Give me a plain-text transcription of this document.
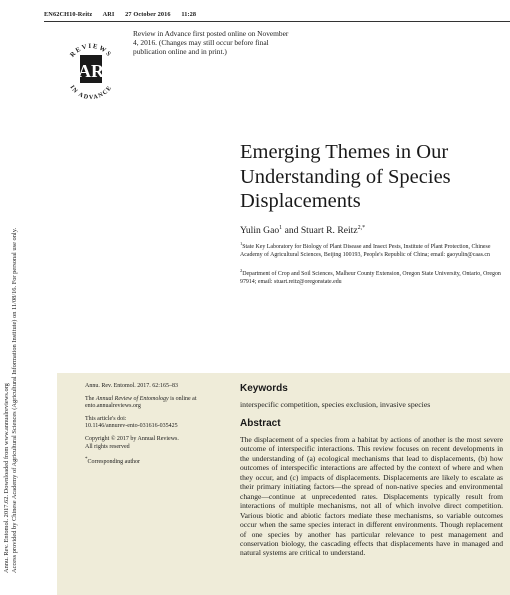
EN62CH10-Reitz ARI 27 October 2016 11:28
Annu. Rev. Entomol. 2017.62. Downloaded from www.annualreviews.org Access provided by Chinese Academy of Agricultural Sciences (Agricultural Information Institute) on 11/08/16. For personal use only.
REVIEWS
IN ADVANCE
AR
Review in Advance first posted online on November 4, 2016. (Changes may still occur before final publication online and in print.)
Emerging Themes in Our Understanding of Species Displacements
Yulin Gao$^1$ and Stuart R. Reitz$^{2,*}$
$^1$State Key Laboratory for Biology of Plant Disease and Insect Pests, Institute of Plant Protection, Chinese Academy of Agricultural Sciences, Beijing 100193, People's Republic of China; email: gaoyulin@caas.cn
$^2$Department of Crop and Soil Sciences, Malheur County Extension, Oregon State University, Ontario, Oregon 97914; email: stuart.reitz@oregonstate.edu

Annu. Rev. Entomol. 2017. 62:165–83

The Annual Review of Entomology is online at ento.annualreviews.org

This article's doi:
10.1146/annurev-ento-031616-035425

Copyright © 2017 by Annual Reviews.
All rights reserved

*Corresponding author

Keywords
interspecific competition, species exclusion, invasive species
Abstract
The displacement of a species from a habitat by actions of another is the most severe outcome of interspecific interactions. This review focuses on recent developments in the understanding of (a) ecological mechanisms that lead to displacements, (b) how outcomes of interspecific interactions are affected by the context of where and when they occur, and (c) impacts of displacements. Displacements are likely to escalate as their primary initiating factors—the spread of non-native species and environmental change—continue at unprecedented rates. Displacements typically result from interactions of multiple mechanisms, not all of which involve direct competition. Various biotic and abiotic factors mediate these mechanisms, so variable outcomes occur when the same species interact in different environments. Though replacement of one species by another has particular relevance to pest management and conservation biology, the cascading effects that displacements have in managed and natural systems are critical to understand.
